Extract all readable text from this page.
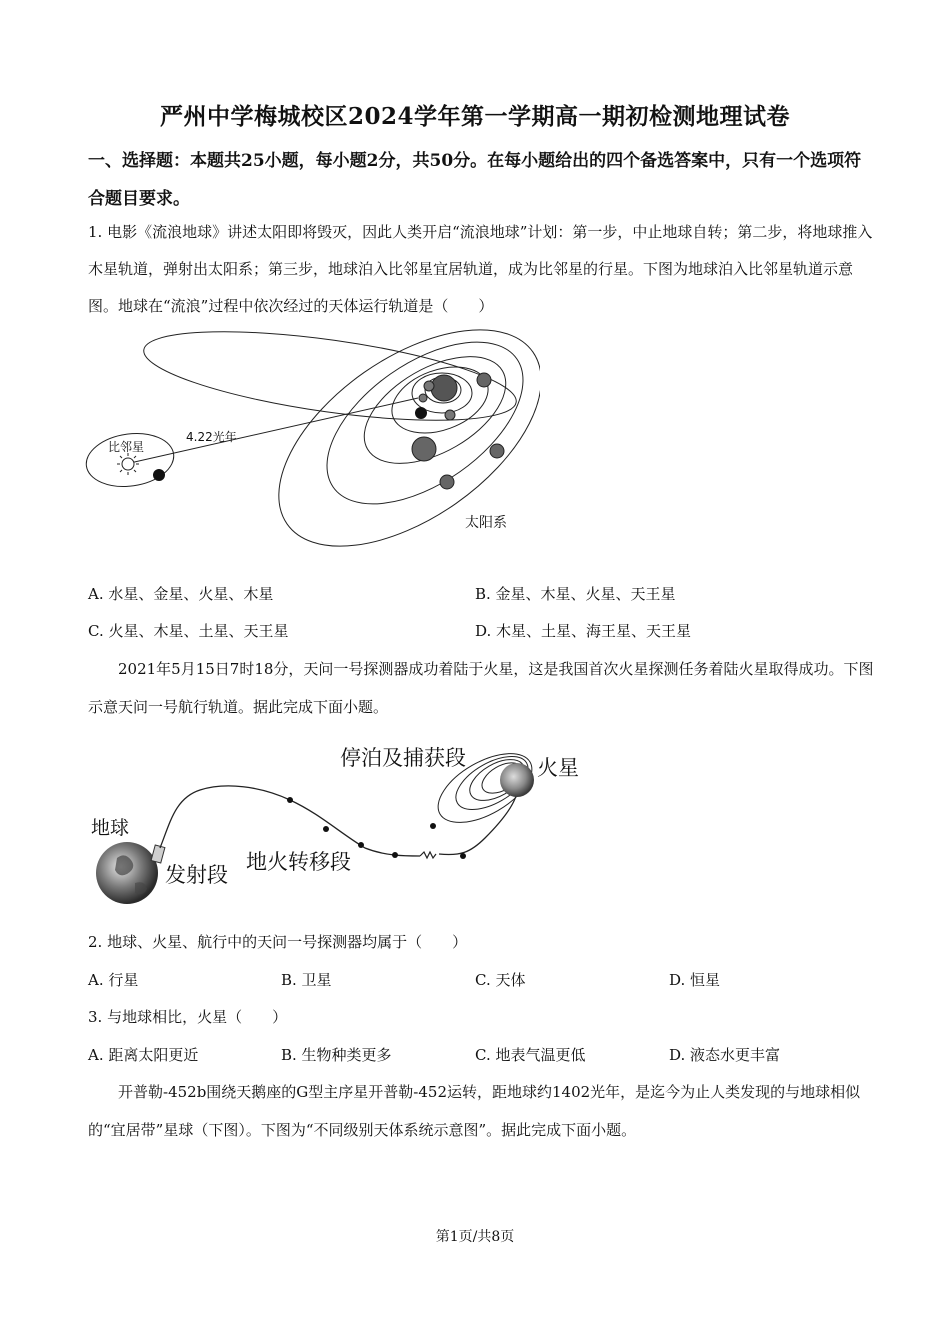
严州中学梅城校区2024学年第一学期高一期初检测地理试卷
一、选择题：本题共25小题，每小题2分，共50分。在每小题给出的四个备选答案中，只有一个选项符合题目要求。
1. 电影《流浪地球》讲述太阳即将毁灭，因此人类开启“流浪地球”计划：第一步，中止地球自转；第二步，将地球推入木星轨道，弹射出太阳系；第三步，地球泊入比邻星宜居轨道，成为比邻星的行星。下图为地球泊入比邻星轨道示意图。地球在“流浪”过程中依次经过的天体运行轨道是（　　）
比邻星
4.22光年
太阳系
A. 水星、金星、火星、木星	B. 金星、木星、火星、天王星
C. 火星、木星、土星、天王星	D. 木星、土星、海王星、天王星
2021年5月15日7时18分，天问一号探测器成功着陆于火星，这是我国首次火星探测任务着陆火星取得成功。下图示意天问一号航行轨道。据此完成下面小题。
停泊及捕获段	火星
地球
发射段
地火转移段
2. 地球、火星、航行中的天问一号探测器均属于（　　）
A. 行星	B. 卫星	C. 天体	D. 恒星
3. 与地球相比，火星（　　）
A. 距离太阳更近	B. 生物种类更多	C. 地表气温更低	D. 液态水更丰富
开普勒-452b围绕天鹅座的G型主序星开普勒-452运转，距地球约1402光年，是迄今为止人类发现的与地球相似的“宜居带”星球（下图）。下图为“不同级别天体系统示意图”。据此完成下面小题。
第1页/共8页
